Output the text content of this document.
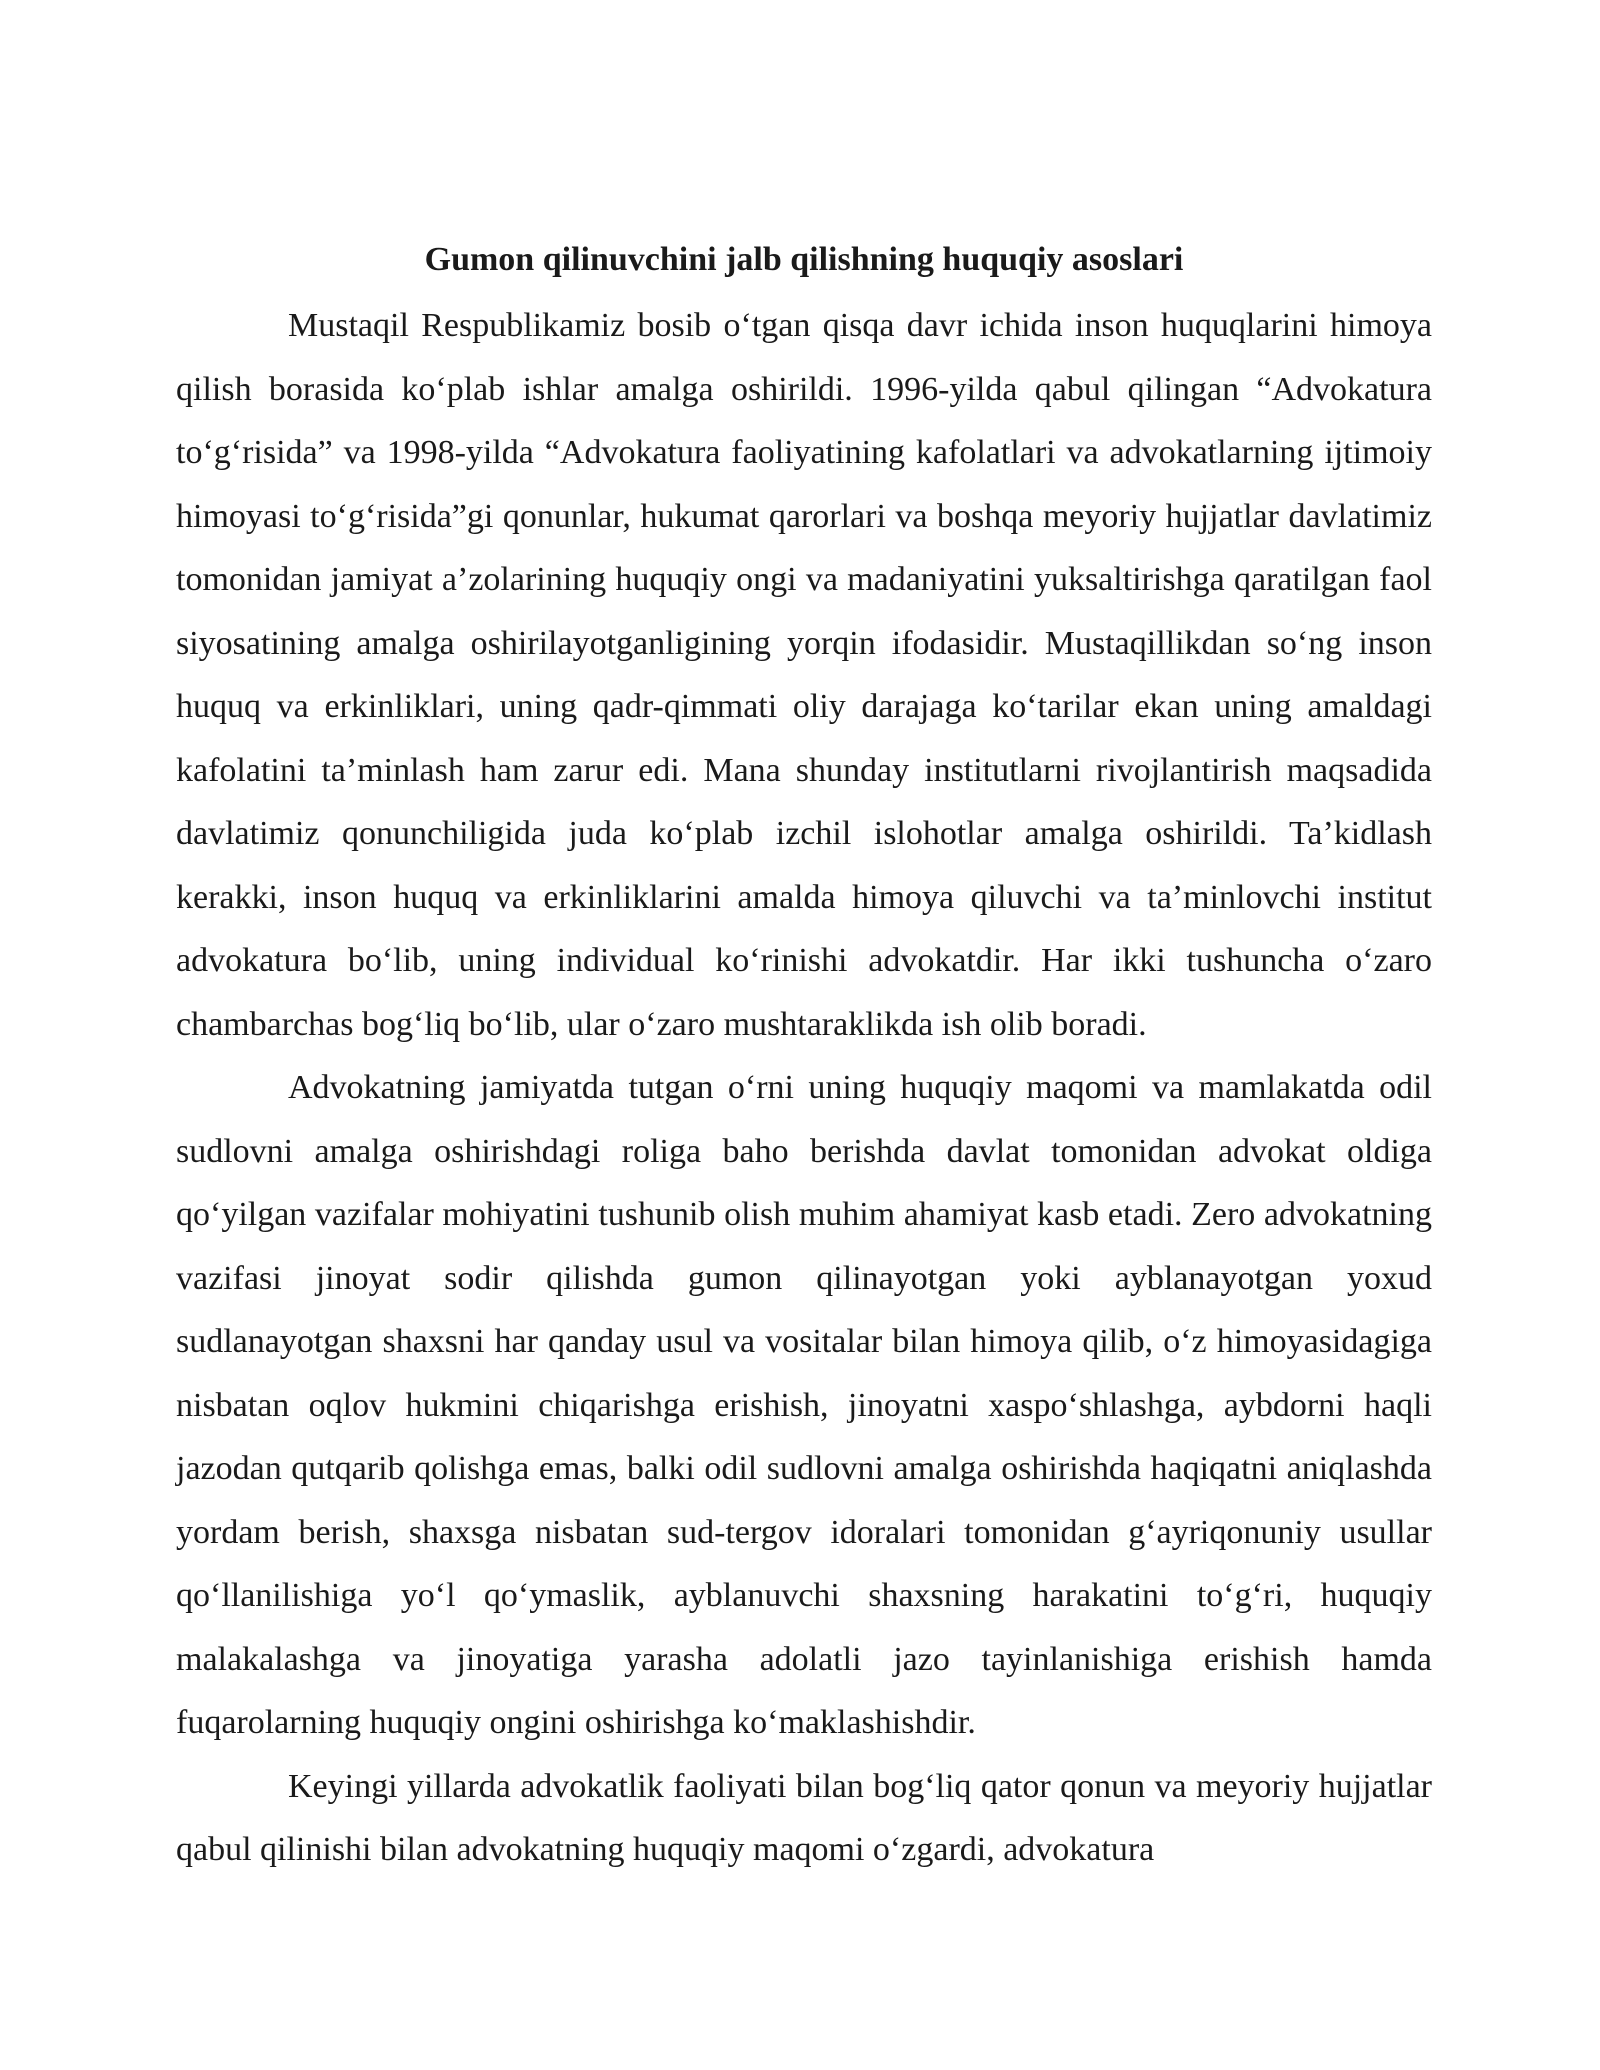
Gumon qilinuvchini jalb qilishning huquqiy asoslari

Mustaqil Respublikamiz bosib o‘tgan qisqa davr ichida inson huquqlarini himoya qilish borasida ko‘plab ishlar amalga oshirildi. 1996-yilda qabul qilingan “Advokatura to‘g‘risida” va 1998-yilda “Advokatura faoliyatining kafolatlari va advokatlarning ijtimoiy himoyasi to‘g‘risida”gi qonunlar, hukumat qarorlari va boshqa meyoriy hujjatlar davlatimiz tomonidan jamiyat a’zolarining huquqiy ongi va madaniyatini yuksaltirishga qaratilgan faol siyosatining amalga oshirilayotganligining yorqin ifodasidir. Mustaqillikdan so‘ng inson huquq va erkinliklari, uning qadr-qimmati oliy darajaga ko‘tarilar ekan uning amaldagi kafolatini ta’minlash ham zarur edi. Mana shunday institutlarni rivojlantirish maqsadida davlatimiz qonunchiligida juda ko‘plab izchil islohotlar amalga oshirildi. Ta’kidlash kerakki, inson huquq va erkinliklarini amalda himoya qiluvchi va ta’minlovchi institut advokatura bo‘lib, uning individual ko‘rinishi advokatdir. Har ikki tushuncha o‘zaro chambarchas bog‘liq bo‘lib, ular o‘zaro mushtaraklikda ish olib boradi.

Advokatning jamiyatda tutgan o‘rni uning huquqiy maqomi va mamlakatda odil sudlovni amalga oshirishdagi roliga baho berishda davlat tomonidan advokat oldiga qo‘yilgan vazifalar mohiyatini tushunib olish muhim ahamiyat kasb etadi. Zero advokatning vazifasi jinoyat sodir qilishda gumon qilinayotgan yoki ayblanayotgan yoxud sudlanayotgan shaxsni har qanday usul va vositalar bilan himoya qilib, o‘z himoyasidagiga nisbatan oqlov hukmini chiqarishga erishish, jinoyatni xaspo‘shlashga, aybdorni haqli jazodan qutqarib qolishga emas, balki odil sudlovni amalga oshirishda haqiqatni aniqlashda yordam berish, shaxsga nisbatan sud-tergov idoralari tomonidan g‘ayriqonuniy usullar qo‘llanilishiga yo‘l qo‘ymaslik, ayblanuvchi shaxsning harakatini to‘g‘ri, huquqiy malakalashga va jinoyatiga yarasha adolatli jazo tayinlanishiga erishish hamda fuqarolarning huquqiy ongini oshirishga ko‘maklashishdir.

Keyingi yillarda advokatlik faoliyati bilan bog‘liq qator qonun va meyoriy hujjatlar qabul qilinishi bilan advokatning huquqiy maqomi o‘zgardi, advokatura
